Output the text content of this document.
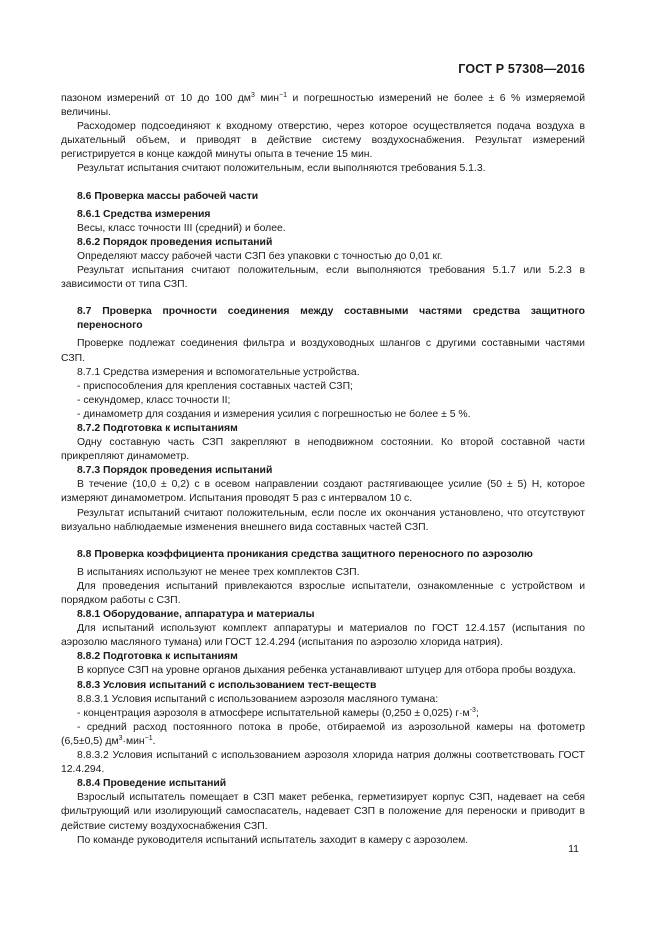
ГОСТ Р 57308—2016

пазоном измерений от 10 до 100 $дм^3$ мин$^{-1}$ и погрешностью измерений не более ± 6 % измеряемой величины.

Расходомер подсоединяют к входному отверстию, через которое осуществляется подача воздуха в дыхательный объем, и приводят в действие систему воздухоснабжения. Результат измерений регистрируется в конце каждой минуты опыта в течение 15 мин.

Результат испытания считают положительным, если выполняются требования 5.1.3.

8.6 Проверка массы рабочей части

8.6.1 Средства измерения

Весы, класс точности III (средний) и более.

8.6.2 Порядок проведения испытаний

Определяют массу рабочей части СЗП без упаковки с точностью до 0,01 кг.

Результат испытания считают положительным, если выполняются требования 5.1.7 или 5.2.3 в зависимости от типа СЗП.

8.7 Проверка прочности соединения между составными частями средства защитного переносного

Проверке подлежат соединения фильтра и воздуховодных шлангов с другими составными частями СЗП.

8.7.1 Средства измерения и вспомогательные устройства.

- приспособления для крепления составных частей СЗП;

- секундомер, класс точности II;

- динамометр для создания и измерения усилия с погрешностью не более ± 5 %.

8.7.2 Подготовка к испытаниям

Одну составную часть СЗП закрепляют в неподвижном состоянии. Ко второй составной части прикрепляют динамометр.

8.7.3 Порядок проведения испытаний

В течение (10,0 ± 0,2) с в осевом направлении создают растягивающее усилие (50 ± 5) Н, которое измеряют динамометром. Испытания проводят 5 раз с интервалом 10 с.

Результат испытаний считают положительным, если после их окончания установлено, что отсутствуют визуально наблюдаемые изменения внешнего вида составных частей СЗП.

8.8 Проверка коэффициента проникания средства защитного переносного по аэрозолю

В испытаниях используют не менее трех комплектов СЗП.

Для проведения испытаний привлекаются взрослые испытатели, ознакомленные с устройством и порядком работы с СЗП.

8.8.1 Оборудование, аппаратура и материалы

Для испытаний используют комплект аппаратуры и материалов по ГОСТ 12.4.157 (испытания по аэрозолю масляного тумана) или ГОСТ 12.4.294 (испытания по аэрозолю хлорида натрия).

8.8.2 Подготовка к испытаниям

В корпусе СЗП на уровне органов дыхания ребенка устанавливают штуцер для отбора пробы воздуха.

8.8.3 Условия испытаний с использованием тест-веществ

8.8.3.1 Условия испытаний с использованием аэрозоля масляного тумана:

- концентрация аэрозоля в атмосфере испытательной камеры (0,250 ± 0,025) $г\cdot м^{-3}$;

- средний расход постоянного потока в пробе, отбираемой из аэрозольной камеры на фотометр (6,5±0,5) $дм^3\cdot мин^{-1}$.

8.8.3.2 Условия испытаний с использованием аэрозоля хлорида натрия должны соответствовать ГОСТ 12.4.294.

8.8.4 Проведение испытаний

Взрослый испытатель помещает в СЗП макет ребенка, герметизирует корпус СЗП, надевает на себя фильтрующий или изолирующий самоспасатель, надевает СЗП в положение для переноски и приводит в действие систему воздухоснабжения СЗП.

По команде руководителя испытаний испытатель заходит в камеру с аэрозолем.

11
